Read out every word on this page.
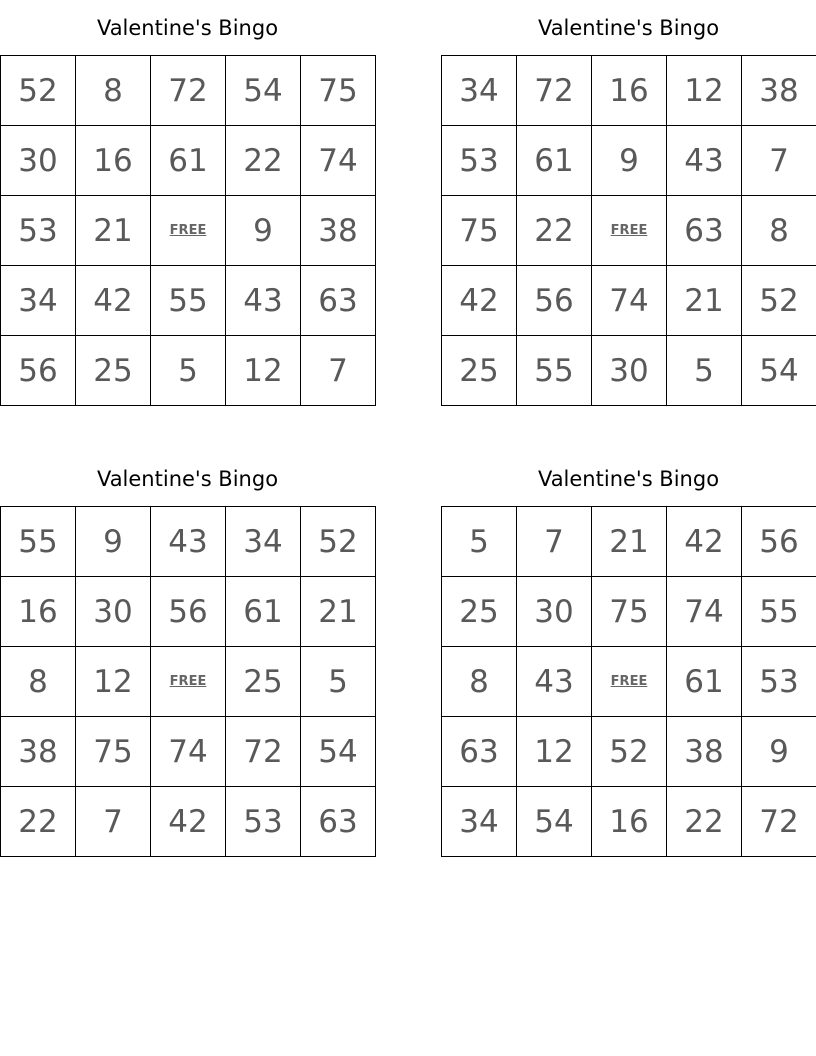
Valentine's Bingo
52	8	72	54	75
30	16	61	22	74
53	21	FREE	9	38
34	42	55	43	63
56	25	5	12	7
Valentine's Bingo
34	72	16	12	38
53	61	9	43	7
75	22	FREE	63	8
42	56	74	21	52
25	55	30	5	54
Valentine's Bingo
55	9	43	34	52
16	30	56	61	21
8	12	FREE	25	5
38	75	74	72	54
22	7	42	53	63
Valentine's Bingo
5	7	21	42	56
25	30	75	74	55
8	43	FREE	61	53
63	12	52	38	9
34	54	16	22	72
